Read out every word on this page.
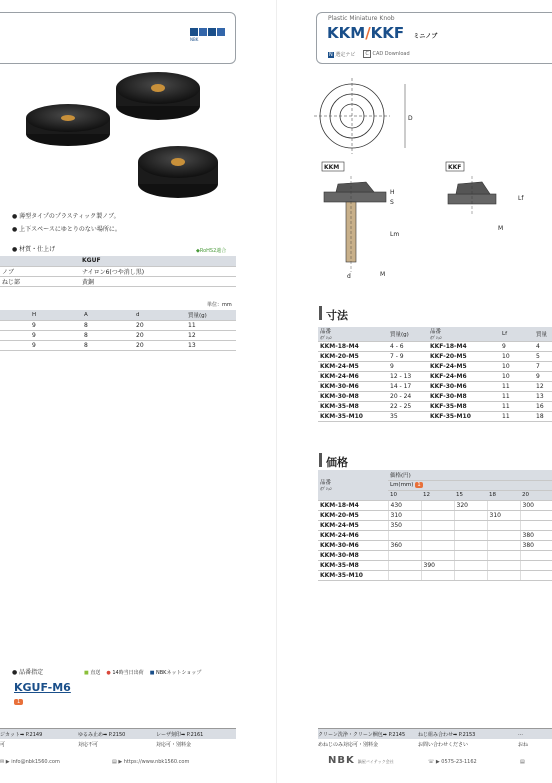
NBK
● 薄型タイプのプラスティック製ノブ。
● 上下スペースにゆとりのない場所に。
● 材質・仕上げ	◆RoHS2適合
	KGUF
ノブ	ナイロン6(つや消し黒)
ねじ部	黄銅
単位：mm
	H	A	d	質量(g)
	9	8	20	11
	9	8	20	12
	9	8	20	13
● 品番指定	■ 直送 ● 14時当日出荷 ■ NBKネットショップ
KGUF-M6
1
ジカット➡ P.2149	ゆるみ止め➡ P.2150	レーザ刻印➡ P.2161
可	対応不可	対応可・別料金
✉ ▶ info@nbk1560.com	▤ ▶ https://www.nbk1560.com
Plastic Miniature Knob
KKM/KKF ミニノブ
N 選定ナビ	C CAD Download
D
KKM
H
S
Lm
d	M
KKF
Lf
M
寸法
品番
ｵﾌﾟｼｮﾝ	質量(g)	品番
ｵﾌﾟｼｮﾝ	Lf	質量
KKM-18-M4	4 - 6	KKF-18-M4	9	4
KKM-20-M5	7 - 9	KKF-20-M5	10	5
KKM-24-M5	9	KKF-24-M5	10	7
KKM-24-M6	12 - 13	KKF-24-M6	10	9
KKM-30-M6	14 - 17	KKF-30-M6	11	12
KKM-30-M8	20 - 24	KKF-30-M8	11	13
KKM-35-M8	22 - 25	KKF-35-M8	11	16
KKM-35-M10	35	KKF-35-M10	11	18
価格
品番
ｵﾌﾟｼｮﾝ	価格(円)				
	Lm(mm) 1				
	10	12	15	18	20
KKM-18-M4	430		320		300
KKM-20-M5	310			310	
KKM-24-M5	350				
KKM-24-M6					380
KKM-30-M6	360				380
KKM-30-M8					
KKM-35-M8		390			
KKM-35-M10					
クリーン洗浄・クリーン梱包➡ P.2145	ねじ組み合わせ➡ P.2153	…
めねじのみ対応可・別料金	お問い合わせください	おね
NBK 鍋屋バイテック会社	☏ ▶ 0575-23-1162	▤
